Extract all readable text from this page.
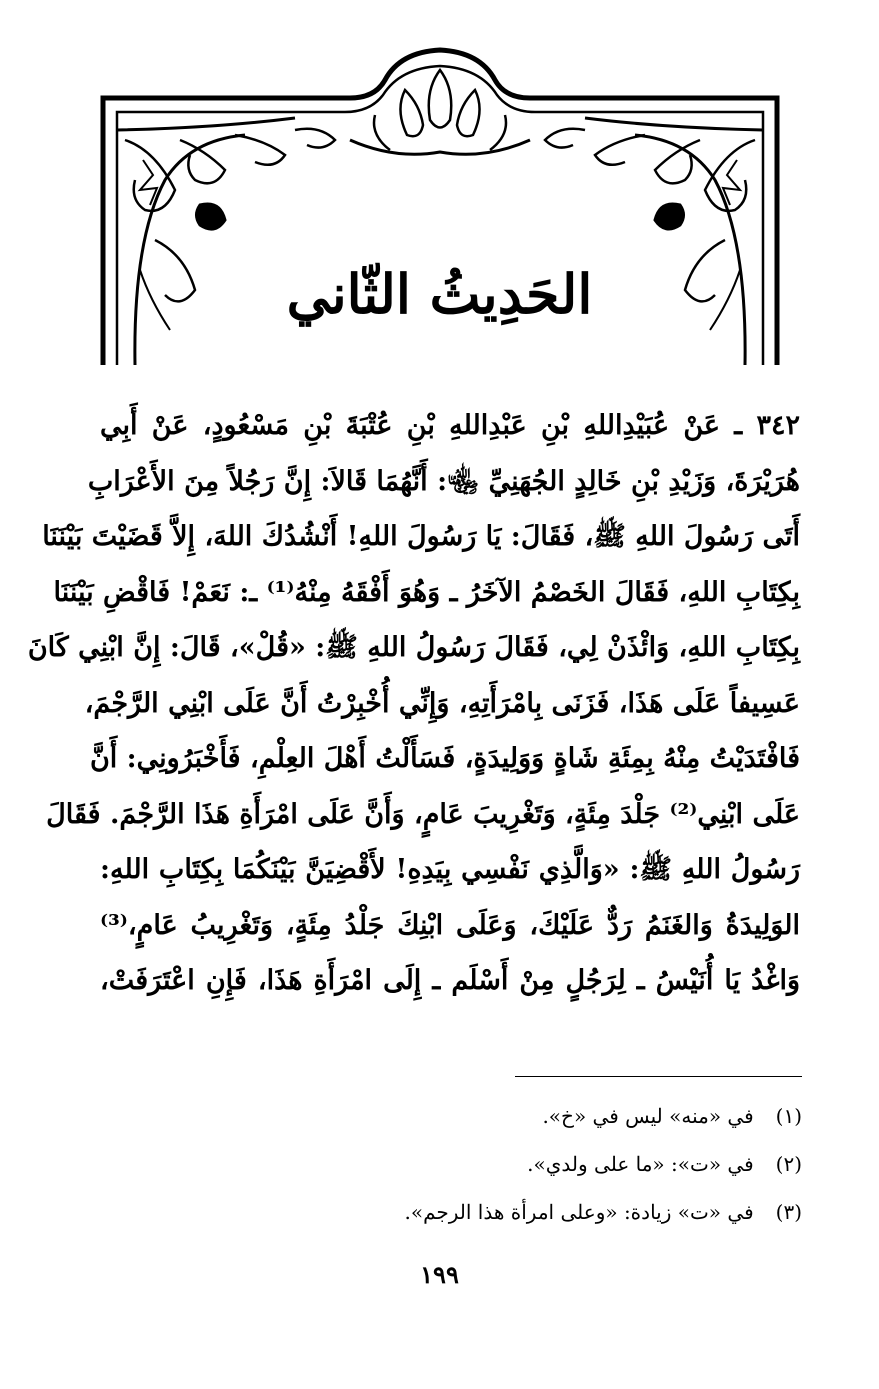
الحَدِيثُ الثّاني
٣٤٢ ـ عَنْ عُبَيْدِاللهِ بْنِ عَبْدِاللهِ بْنِ عُتْبَةَ بْنِ مَسْعُودٍ، عَنْ أَبِي
هُرَيْرَةَ، وَزَيْدِ بْنِ خَالِدٍ الجُهَنِيِّ ﵄: أَنَّهُمَا قَالاَ: إِنَّ رَجُلاً مِنَ الأَعْرَابِ
أَتَى رَسُولَ اللهِ ﷺ، فَقَالَ: يَا رَسُولَ اللهِ! أَنْشُدُكَ اللهَ، إِلاَّ قَضَيْتَ بَيْنَنَا
بِكِتَابِ اللهِ، فَقَالَ الخَصْمُ الآخَرُ ـ وَهُوَ أَفْقَهُ مِنْهُ⁽¹⁾ ـ: نَعَمْ! فَاقْضِ بَيْنَنَا
بِكِتَابِ اللهِ، وَائْذَنْ لِي، فَقَالَ رَسُولُ اللهِ ﷺ: «قُلْ»، قَالَ: إِنَّ ابْنِي كَانَ
عَسِيفاً عَلَى هَذَا، فَزَنَى بِامْرَأَتِهِ، وَإِنِّي أُخْبِرْتُ أَنَّ عَلَى ابْنِي الرَّجْمَ،
فَافْتَدَيْتُ مِنْهُ بِمِئَةِ شَاةٍ وَوَلِيدَةٍ، فَسَأَلْتُ أَهْلَ العِلْمِ، فَأَخْبَرُونِي: أَنَّ
عَلَى ابْنِي⁽²⁾ جَلْدَ مِئَةٍ، وَتَغْرِيبَ عَامٍ، وَأَنَّ عَلَى امْرَأَةِ هَذَا الرَّجْمَ. فَقَالَ
رَسُولُ اللهِ ﷺ: «وَالَّذِي نَفْسِي بِيَدِهِ! لأَقْضِيَنَّ بَيْنَكُمَا بِكِتَابِ اللهِ:
الوَلِيدَةُ وَالغَنَمُ رَدٌّ عَلَيْكَ، وَعَلَى ابْنِكَ جَلْدُ مِئَةٍ، وَتَغْرِيبُ عَامٍ،⁽³⁾
وَاغْدُ يَا أُنَيْسُ ـ لِرَجُلٍ مِنْ أَسْلَم ـ إِلَى امْرَأَةِ هَذَا، فَإِنِ اعْتَرَفَتْ،
(١) في «منه» ليس في «خ».
(٢) في «ت»: «ما على ولدي».
(٣) في «ت» زيادة: «وعلى امرأة هذا الرجم».
١٩٩
